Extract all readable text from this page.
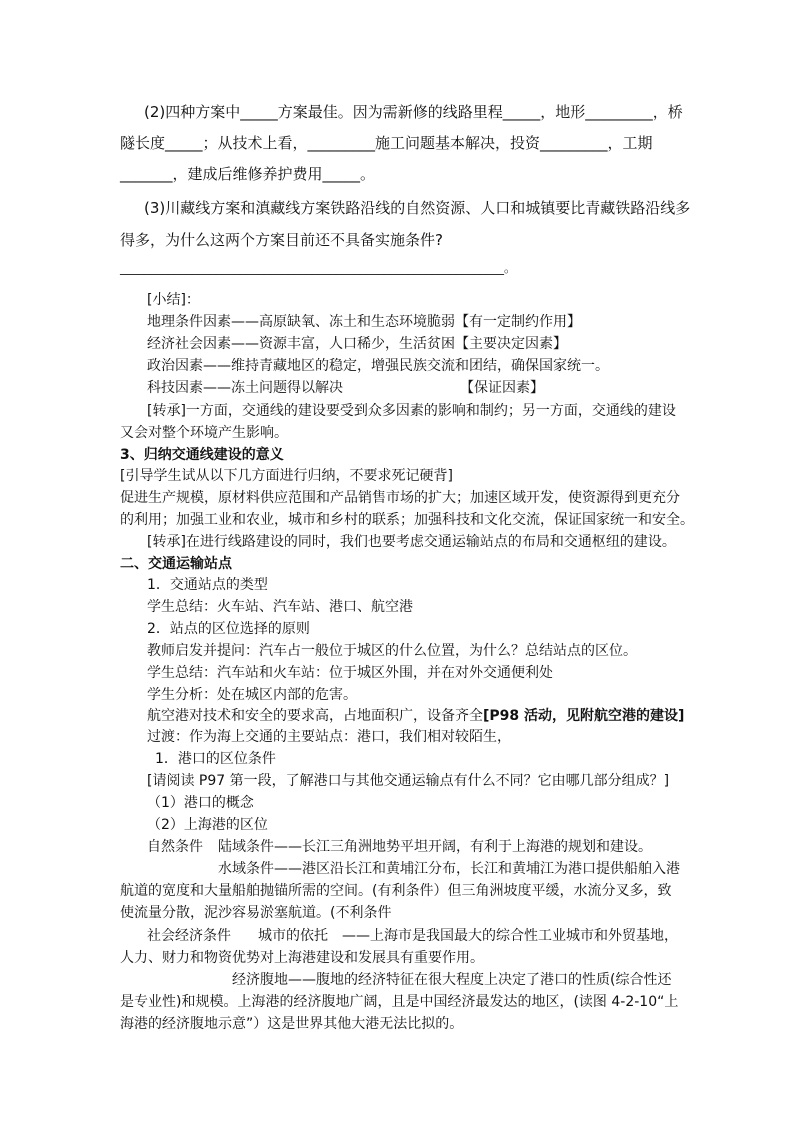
(2)四种方案中_____方案最佳。因为需新修的线路里程_____，地形_________，桥
隧长度_____；从技术上看，_________施工问题基本解决，投资_________，工期
_______，建成后维修养护费用_____。
(3)川藏线方案和滇藏线方案铁路沿线的自然资源、人口和城镇要比青藏铁路沿线多
得多，为什么这两个方案目前还不具备实施条件?
________________________________________________________________。
[小结]：
地理条件因素——高原缺氧、冻土和生态环境脆弱【有一定制约作用】
经济社会因素——资源丰富，人口稀少，生活贫困【主要决定因素】
政治因素——维持青藏地区的稳定，增强民族交流和团结，确保国家统一。
科技因素——冻土问题得以解决	【保证因素】
[转承]一方面，交通线的建设要受到众多因素的影响和制约；另一方面，交通线的建设
又会对整个环境产生影响。
3、归纳交通线建设的意义
[引导学生试从以下几方面进行归纳，不要求死记硬背]
促进生产规模，原材料供应范围和产品销售市场的扩大；加速区域开发，使资源得到更充分
的利用；加强工业和农业，城市和乡村的联系；加强科技和文化交流，保证国家统一和安全。
[转承]在进行线路建设的同时，我们也要考虑交通运输站点的布局和交通枢纽的建设。
二、交通运输站点
1．交通站点的类型
学生总结：火车站、汽车站、港口、航空港
2．站点的区位选择的原则
教师启发并提问：汽车占一般位于城区的什么位置，为什么？总结站点的区位。
学生总结：汽车站和火车站：位于城区外围，并在对外交通便利处
学生分析：处在城区内部的危害。
航空港对技术和安全的要求高，占地面积广，设备齐全[P98 活动，见附航空港的建设]
过渡：作为海上交通的主要站点：港口，我们相对较陌生，
1．港口的区位条件
[请阅读 P97 第一段，了解港口与其他交通运输点有什么不同？它由哪几部分组成？]
（1）港口的概念
（2）上海港的区位
自然条件 陆域条件——长江三角洲地势平坦开阔，有利于上海港的规划和建设。
水域条件——港区沿长江和黄埔江分布，长江和黄埔江为港口提供船舶入港
航道的宽度和大量船舶抛锚所需的空间。(有利条件）但三角洲坡度平缓，水流分叉多，致
使流量分散，泥沙容易淤塞航道。(不利条件
社会经济条件 城市的依托　——上海市是我国最大的综合性工业城市和外贸基地，
人力、财力和物资优势对上海港建设和发展具有重要作用。
经济腹地——腹地的经济特征在很大程度上决定了港口的性质(综合性还
是专业性)和规模。上海港的经济腹地广阔，且是中国经济最发达的地区，(读图 4-2-10“上
海港的经济腹地示意”）这是世界其他大港无法比拟的。
